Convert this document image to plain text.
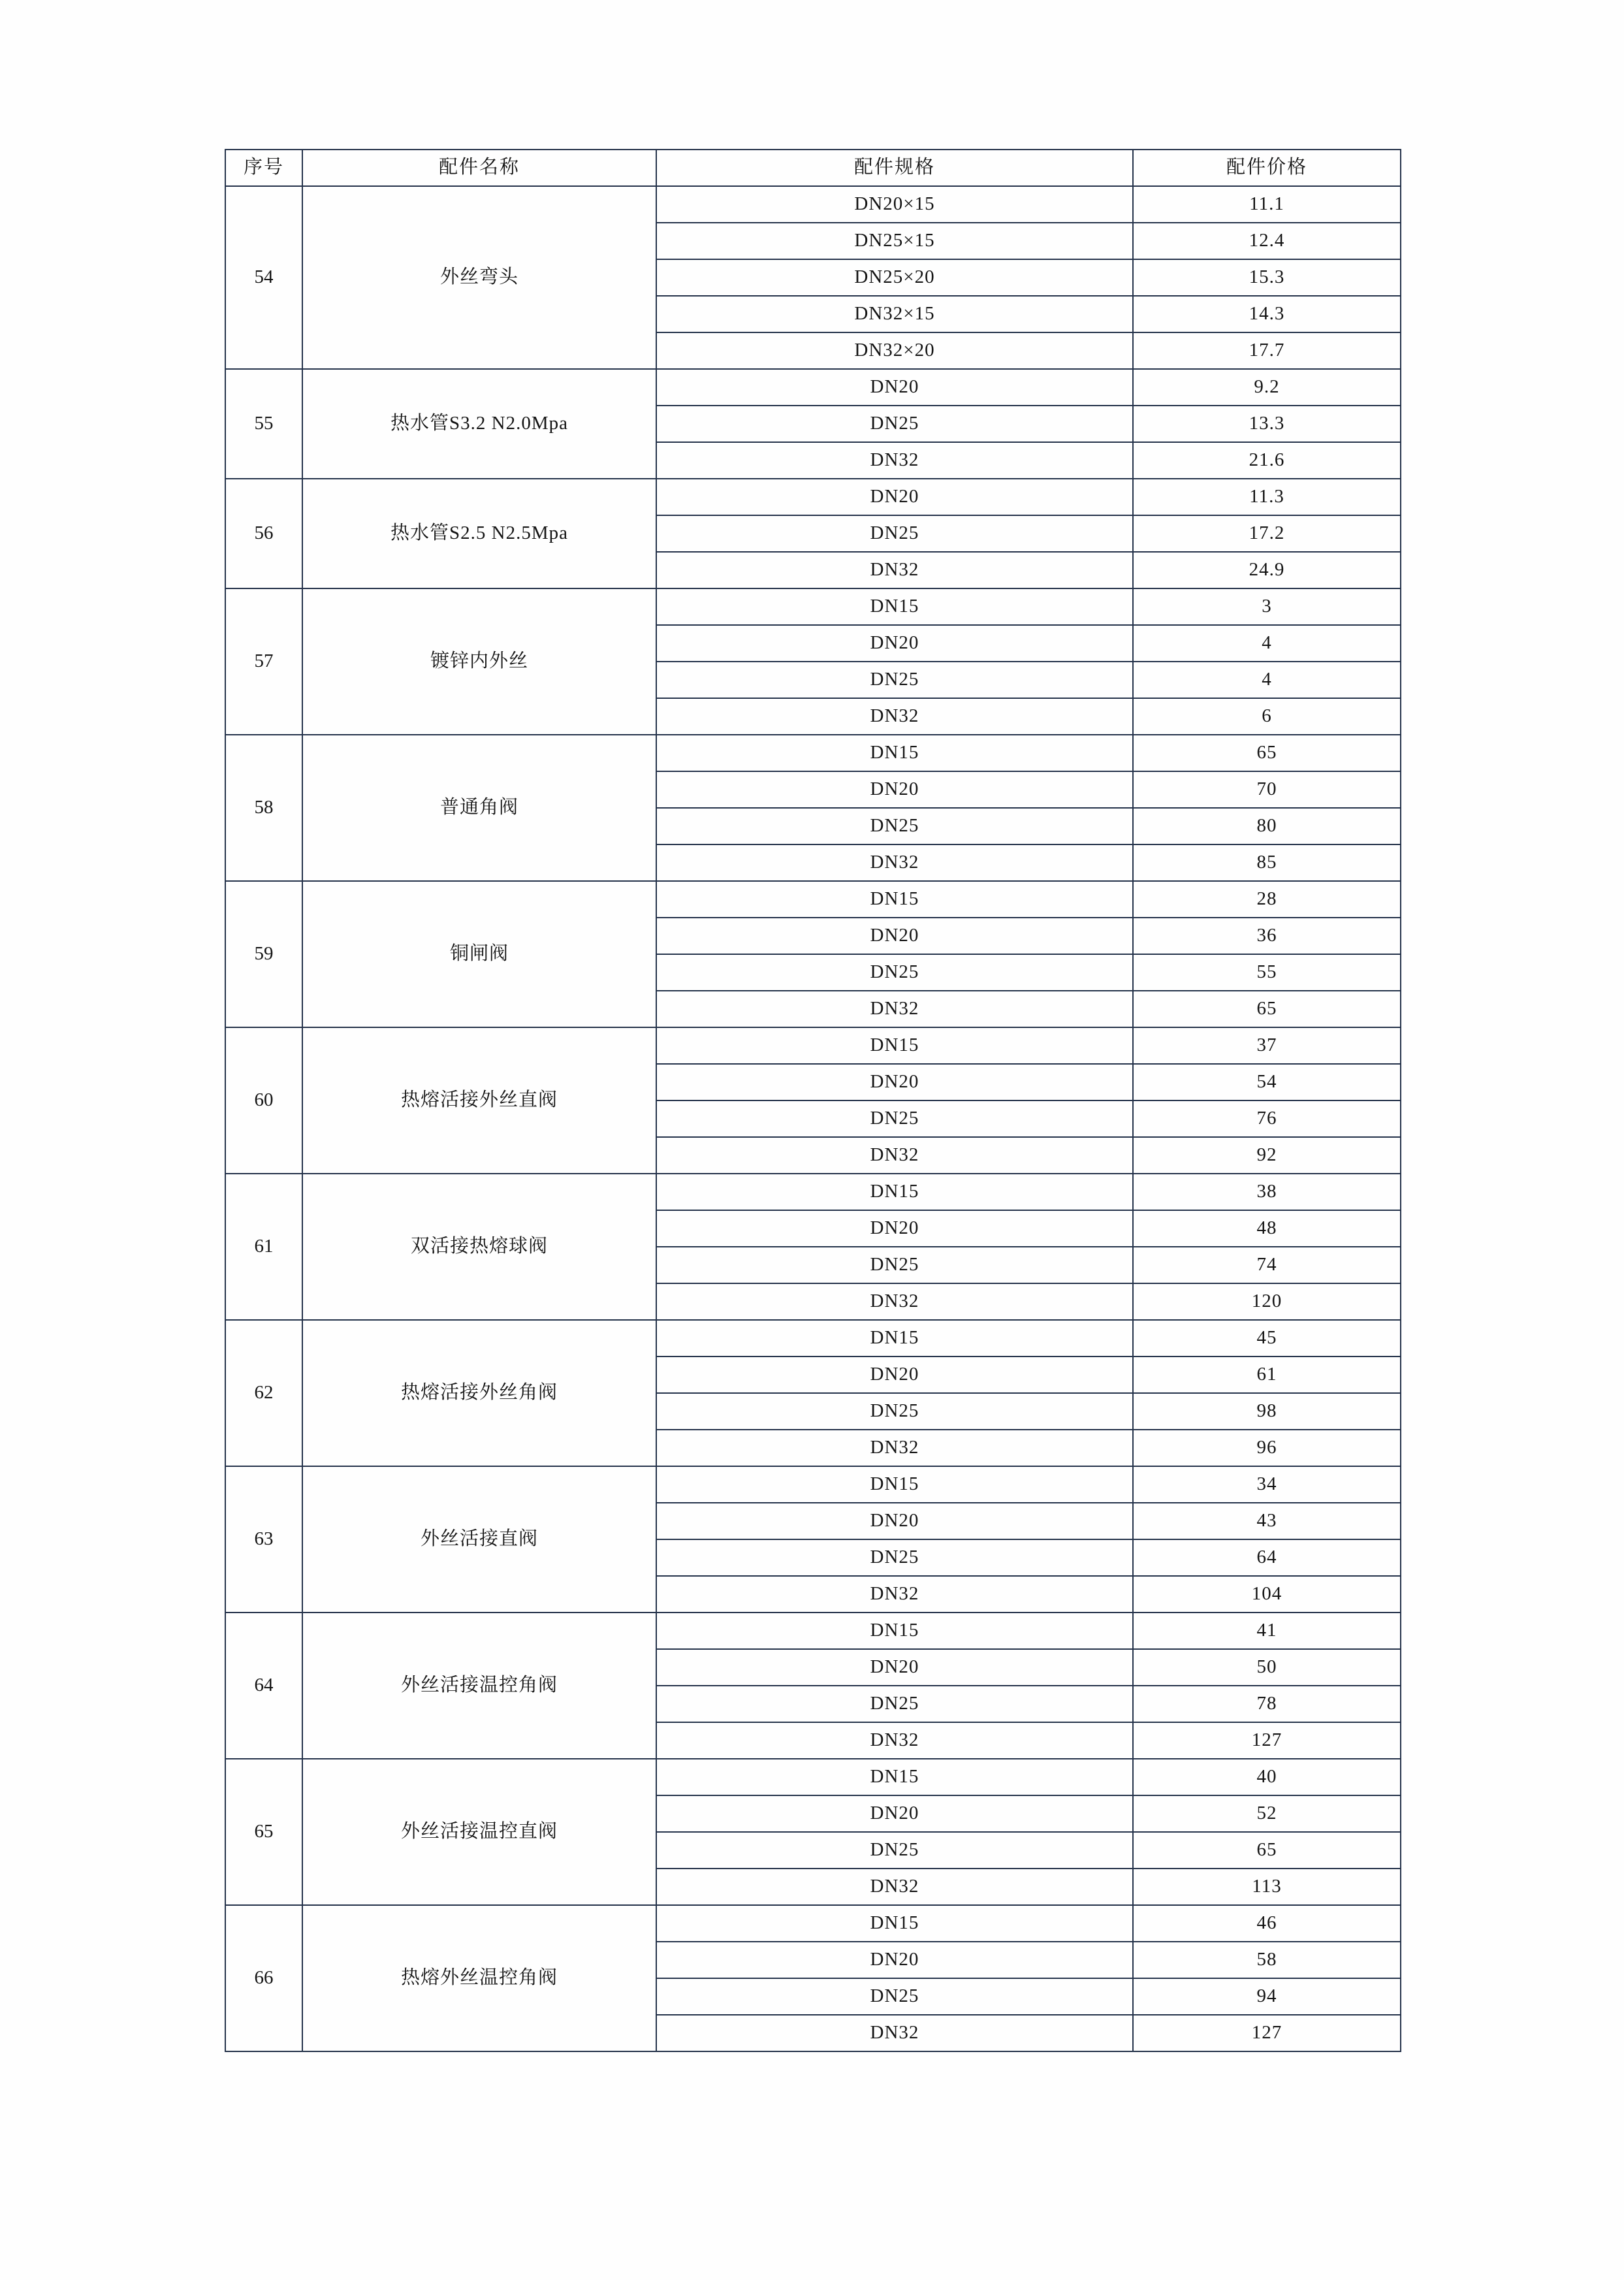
序号	配件名称	配件规格	配件价格
54	外丝弯头	DN20×15	11.1
		DN25×15	12.4
		DN25×20	15.3
		DN32×15	14.3
		DN32×20	17.7
55	热水管S3.2 N2.0Mpa	DN20	9.2
		DN25	13.3
		DN32	21.6
56	热水管S2.5 N2.5Mpa	DN20	11.3
		DN25	17.2
		DN32	24.9
57	镀锌内外丝	DN15	3
		DN20	4
		DN25	4
		DN32	6
58	普通角阀	DN15	65
		DN20	70
		DN25	80
		DN32	85
59	铜闸阀	DN15	28
		DN20	36
		DN25	55
		DN32	65
60	热熔活接外丝直阀	DN15	37
		DN20	54
		DN25	76
		DN32	92
61	双活接热熔球阀	DN15	38
		DN20	48
		DN25	74
		DN32	120
62	热熔活接外丝角阀	DN15	45
		DN20	61
		DN25	98
		DN32	96
63	外丝活接直阀	DN15	34
		DN20	43
		DN25	64
		DN32	104
64	外丝活接温控角阀	DN15	41
		DN20	50
		DN25	78
		DN32	127
65	外丝活接温控直阀	DN15	40
		DN20	52
		DN25	65
		DN32	113
66	热熔外丝温控角阀	DN15	46
		DN20	58
		DN25	94
		DN32	127
